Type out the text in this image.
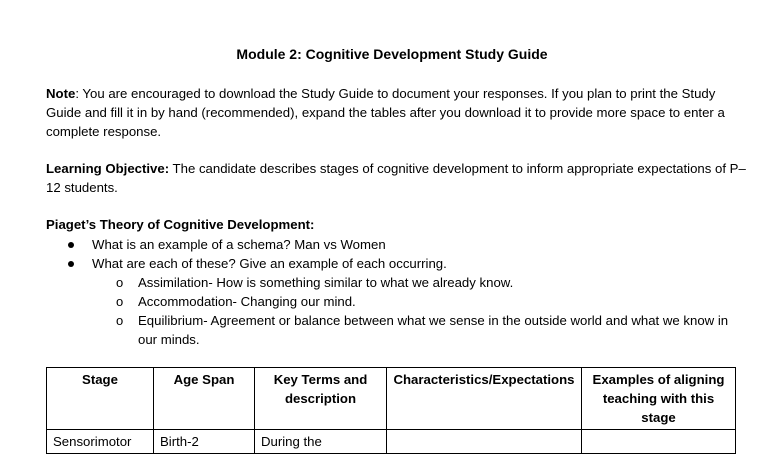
Module 2: Cognitive Development Study Guide
Note: You are encouraged to download the Study Guide to document your responses. If you plan to print the Study Guide and fill it in by hand (recommended), expand the tables after you download it to provide more space to enter a complete response.
Learning Objective: The candidate describes stages of cognitive development to inform appropriate expectations of P–12 students.
Piaget’s Theory of Cognitive Development:
What is an example of a schema? Man vs Women
What are each of these? Give an example of each occurring.
o Assimilation- How is something similar to what we already know.
o Accommodation- Changing our mind.
o Equilibrium- Agreement or balance between what we sense in the outside world and what we know in our minds.
Stage	Age Span	Key Terms and description	Characteristics/Expectations	Examples of aligning teaching with this stage
Sensorimotor	Birth-2	During the		
